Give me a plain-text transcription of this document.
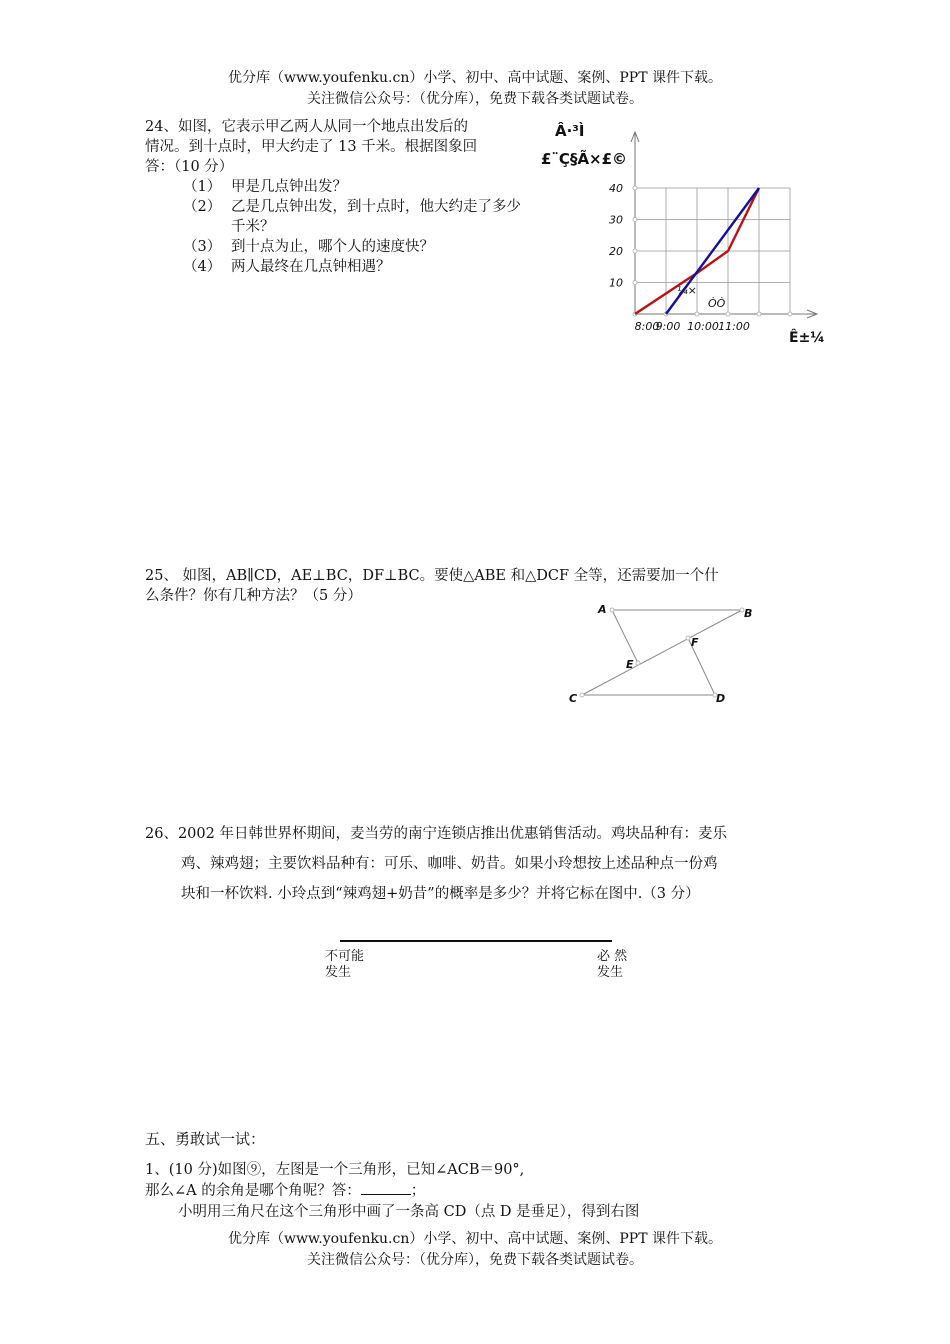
优分库（www.youfenku.cn）小学、初中、高中试题、案例、PPT 课件下载。
关注微信公众号：（优分库），免费下载各类试题试卷。

24、如图，它表示甲乙两人从同一个地点出发后的

情况。到十点时，甲大约走了 13 千米。根据图象回

答：（10 分）

（1） 甲是几点钟出发？
（2） 乙是几点钟出发，到十点时，他大约走了多少千米？
（3） 到十点为止，哪个人的速度快？
（4） 两人最终在几点钟相遇？
Â·³Ì
£¨Ç§Ã×£©
10
20
30
40
8:00
9:00 10:00 11:00
¼×
ÒÒ
Ê±¼
25、 如图，AB∥CD，AE⊥BC，DF⊥BC。要使△ABE 和△DCF 全等，还需要加一个什
么条件？你有几种方法？（5 分）
A	B
F
E
C	D
26、2002 年日韩世界杯期间，麦当劳的南宁连锁店推出优惠销售活动。鸡块品种有：麦乐
鸡、辣鸡翅；主要饮料品种有：可乐、咖啡、奶昔。如果小玲想按上述品种点一份鸡
块和一杯饮料. 小玲点到“辣鸡翅+奶昔”的概率是多少？并将它标在图中.（3 分）
不可能
发生
必 然
发生
五、勇敢试一试：

1、(10 分)如图⑨，左图是一个三角形，已知∠ACB＝90°,

那么∠A 的余角是哪个角呢？答：	；

小明用三角尺在这个三角形中画了一条高 CD（点 D 是垂足），得到右图

优分库（www.youfenku.cn）小学、初中、高中试题、案例、PPT 课件下载。
关注微信公众号：（优分库），免费下载各类试题试卷。
